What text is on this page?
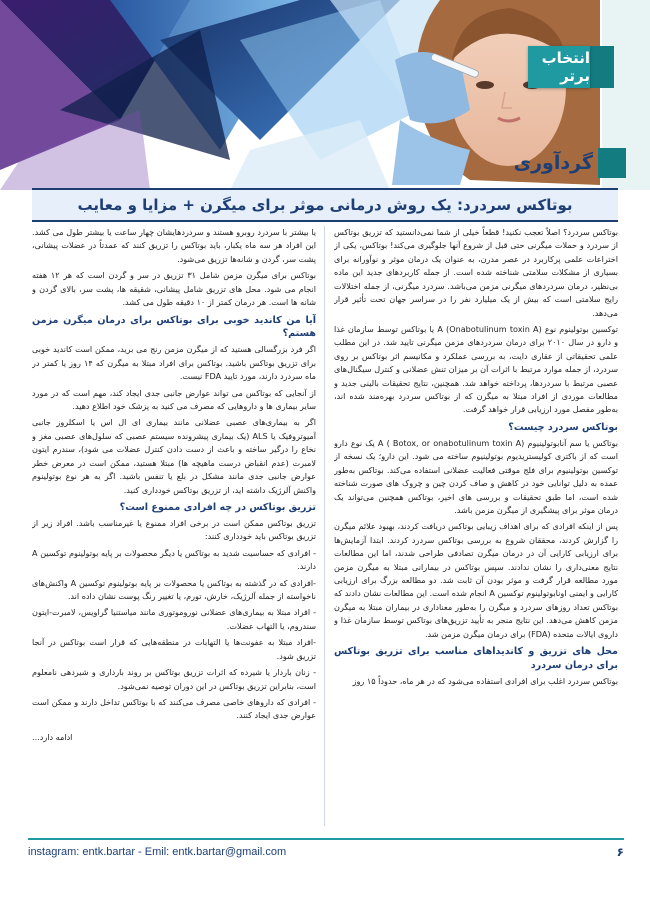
انتخاب برتر
گردآوری
بوتاکس سردرد: یک روش درمانی موثر برای میگرن + مزایا و معایب

بوتاکس سردرد؟ اصلاً تعجب نکنید! قطعاً خیلی از شما نمی‌دانستید که تزریق بوتاکس از سردرد و حملات میگرنی حتی قبل از شروع آنها جلوگیری می‌کند! بوتاکس، یکی از اختراعات علمی پرکاربرد در عصر مدرن، به عنوان یک درمان موثر و نوآورانه برای بسیاری از مشکلات سلامتی شناخته شده است. از جمله کاربردهای جدید این ماده بی‌نظیر، درمان سردردهای میگرنی مزمن می‌باشد. سردرد میگرنی، از جمله اختلالات رایج سلامتی است که بیش از یک میلیارد نفر را در سراسر جهان تحت تأثیر قرار می‌دهد.

توکسین بوتولینوم نوع A (Onabotulinum toxin A) یا بوتاکس توسط سازمان غذا و دارو در سال ۲۰۱۰ برای درمان سردردهای مزمن میگرنی تایید شد. در این مطلب علمی تحقیقاتی از عقاری دایت، به بررسی عملکرد و مکانیسم اثر بوتاکس بر روی سردرد، از جمله موارد مرتبط با اثرات آن بر میزان تنش عضلانی و کنترل سیگنال‌های عصبی مرتبط با سردردها، پرداخته خواهد شد. همچنین، نتایج تحقیقات بالینی جدید و مطالعات موردی از افراد مبتلا به میگرن که از بوتاکس سردرد بهره‌مند شده اند، به‌طور مفصل مورد ارزیابی قرار خواهد گرفت.

بوتاکس سردرد چیست؟

بوتاکس یا سم آنابوتولینیوم A ( Botox, or onabotulinum toxin A) یک نوع دارو است که از باکتری کولیستریدیوم بوتولینیوم ساخته می شود. این دارو؛ یک نسخه از توکسین بوتولینیوم برای فلج موقتی فعالیت عضلانی استفاده می‌کند. بوتاکس به‌طور عمده به دلیل توانایی خود در کاهش و صاف کردن چین و چروک های صورت شناخته شده است، اما طبق تحقیقات و بررسی های اخیر، بوتاکس همچنین می‌تواند یک درمان موثر برای پیشگیری از میگرن مزمن باشد.

پس از اینکه افرادی که برای اهداف زیبایی بوتاکس دریافت کردند، بهبود علائم میگرن را گزارش کردند، محققان شروع به بررسی بوتاکس سردرد کردند. ابتدا آزمایش‌ها برای ارزیابی کارایی آن در درمان میگرن تصادفی طراحی شدند، اما این مطالعات نتایج معنی‌داری را نشان ندادند. سپس بوتاکس در بیمارانی مبتلا به میگرن مزمن مورد مطالعه قرار گرفت و موثر بودن آن ثابت شد. دو مطالعه بزرگ برای ارزیابی کارایی و ایمنی اونابوتولینوم توکسین A انجام شده است. این مطالعات نشان دادند که بوتاکس تعداد روزهای سردرد و میگرن را به‌طور معناداری در بیماران مبتلا به میگرن مزمن کاهش می‌دهد. این نتایج منجر به تأیید تزریق‌های بوتاکس توسط سازمان غذا و داروی ایالات متحده (FDA) برای درمان میگرن مزمن شد.

محل های تزریق و کاندیداهای مناسب برای تزریق بوتاکس برای درمان سردرد

بوتاکس سردرد اغلب برای افرادی استفاده می‌شود که در هر ماه، حدوداً ۱۵ روز

یا بیشتر با سردرد روبرو هستند و سردردهایشان چهار ساعت یا بیشتر طول می کشد. این افراد هر سه ماه یکبار، باید بوتاکس را تزریق کنند که عمدتاً در عضلات پیشانی، پشت سر، گردن و شانه‌ها تزریق می‌شود.

بوتاکس برای میگرن مزمن شامل ۳۱ تزریق در سر و گردن است که هر ۱۲ هفته انجام می شود. محل های تزریق شامل پیشانی، شقیقه ها، پشت سر، بالای گردن و شانه ها است. هر درمان کمتر از ۱۰ دقیقه طول می کشد.

آیا من کاندید خوبی برای بوتاکس برای درمان میگرن مزمن هستم؟

اگر فرد بزرگسالی هستید که از میگرن مزمن رنج می برید، ممکن است کاندید خوبی برای تزریق بوتاکس باشید. بوتاکس برای افراد مبتلا به میگرن که ۱۴ روز یا کمتر در ماه سردرد دارند، مورد تایید FDA نیست.

از آنجایی که بوتاکس می تواند عوارض جانبی جدی ایجاد کند، مهم است که در مورد سایر بیماری ها و داروهایی که مصرف می کنید به پزشک خود اطلاع دهید.

اگر به بیماری‌های عصبی عضلانی مانند بیماری ای ال اس یا اسکلروز جانبی آمیوتروفیک یا ALS (یک بیماری پیشرونده سیستم عصبی که سلول‌های عصبی مغز و نخاع را درگیر ساخته و باعث از دست دادن کنترل عضلات می شود)، سندرم ایتون لامبرت (عدم انقباض درست ماهیچه ها) مبتلا هستید، ممکن است در معرض خطر عوارض جانبی جدی مانند مشکل در بلع یا تنفس باشید. اگر به هر نوع بوتولینوم واکنش آلرژیک داشته اید، از تزریق بوتاکس خودداری کنید.

تزریق بوتاکس در چه افرادی ممنوع است؟

تزریق بوتاکس ممکن است در برخی افراد ممنوع یا غیرمناسب باشد. افراد زیر از تزریق بوتاکس باید خودداری کنند:

- افرادی که حساسیت شدید به بوتاکس یا دیگر محصولات بر پایه بوتولینوم توکسین A دارند.

-افرادی که در گذشته به بوتاکس یا محصولات بر پایه بوتولینوم توکسین A واکنش‌های ناخواسته از جمله آلرژیک، خارش، تورم، یا تغییر رنگ پوست نشان داده اند.

- افراد مبتلا به بیماری‌های عضلانی نوروموتوری مانند میاستنیا گراویس، لامبرت-ایتون سندروم، یا التهاب عضلات.

-افراد مبتلا به عفونت‌ها یا التهابات در منطقه‌هایی که قرار است بوتاکس در آنجا تزریق شود.

- زنان باردار یا شیرده که اثرات تزریق بوتاکس بر روند بارداری و شیردهی نامعلوم است، بنابراین تزریق بوتاکس در این دوران توصیه نمی‌شود.

- افرادی که داروهای خاصی مصرف می‌کنند که با بوتاکس تداخل دارند و ممکن است عوارض جدی ایجاد کنند.

ادامه دارد...
instagram: entk.bartar - Emil: entk.bartar@gmail.com	۶
